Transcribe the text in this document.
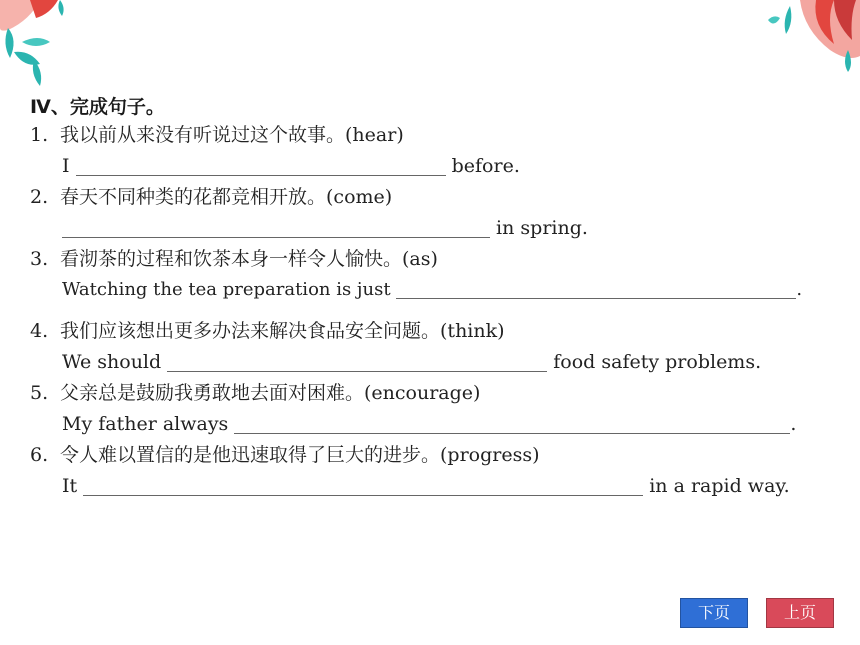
Ⅳ、完成句子。
1. 我以前从来没有听说过这个故事。(hear)
I	before.
2. 春天不同种类的花都竞相开放。(come)
in spring.
3. 看沏茶的过程和饮茶本身一样令人愉快。(as)
Watching the tea preparation is just	.
4. 我们应该想出更多办法来解决食品安全问题。(think)
We should	food safety problems.
5. 父亲总是鼓励我勇敢地去面对困难。(encourage)
My father always	.
6. 令人难以置信的是他迅速取得了巨大的进步。(progress)
It	in a rapid way.
下页	上页
